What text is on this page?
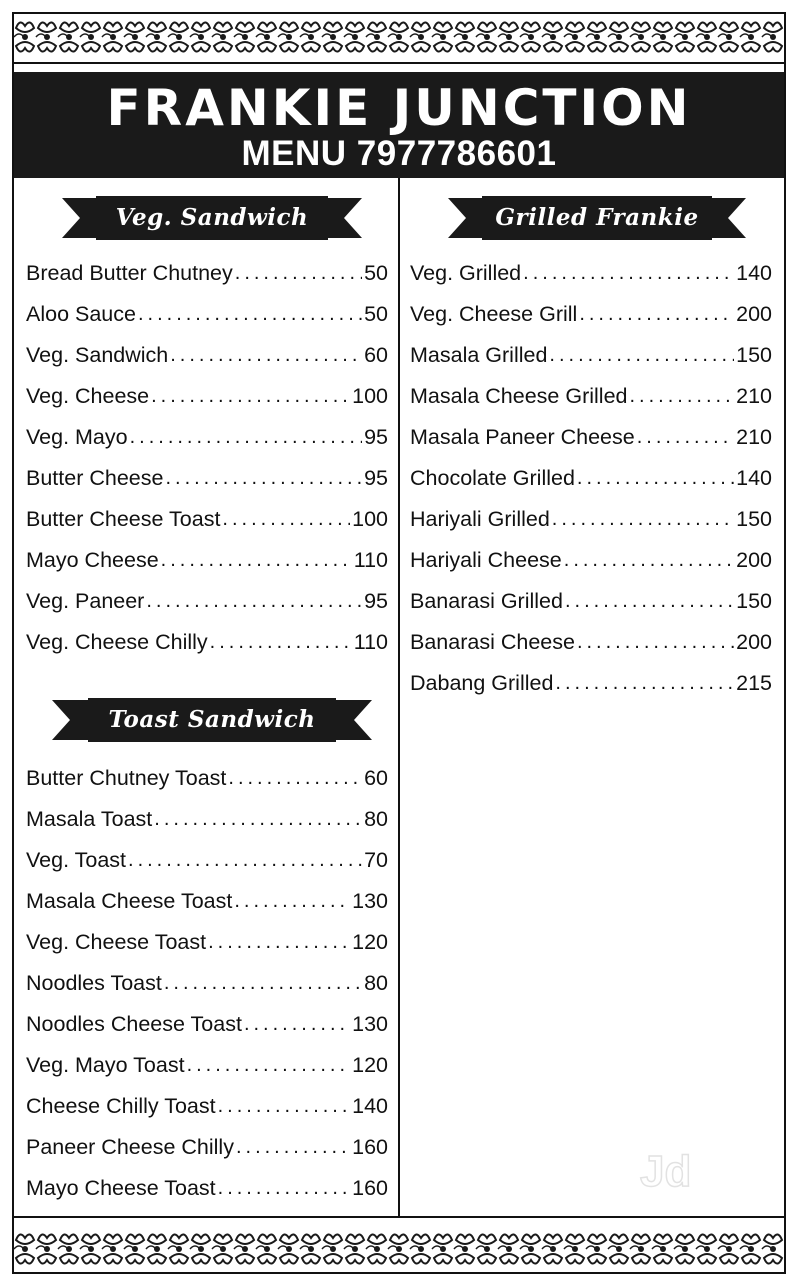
FRANKIE JUNCTION
MENU 7977786601
Veg. Sandwich
Bread Butter Chutney .....	50
Aloo Sauce .....	50
Veg. Sandwich .....	60
Veg. Cheese .....	100
Veg. Mayo .....	95
Butter Cheese .....	95
Butter Cheese Toast .....	100
Mayo Cheese .....	110
Veg. Paneer .....	95
Veg. Cheese Chilly .....	110
Toast Sandwich
Butter Chutney Toast .....	60
Masala Toast .....	80
Veg. Toast .....	70
Masala Cheese Toast .....	130
Veg. Cheese Toast .....	120
Noodles Toast .....	80
Noodles Cheese Toast .....	130
Veg. Mayo Toast .....	120
Cheese Chilly Toast .....	140
Paneer Cheese Chilly .....	160
Mayo Cheese Toast .....	160
Grilled Frankie
Veg. Grilled .....	140
Veg. Cheese Grill .....	200
Masala Grilled .....	150
Masala Cheese Grilled .....	210
Masala Paneer Cheese .....	210
Chocolate Grilled .....	140
Hariyali Grilled .....	150
Hariyali Cheese .....	200
Banarasi Grilled .....	150
Banarasi Cheese .....	200
Dabang Grilled .....	215
Jd
